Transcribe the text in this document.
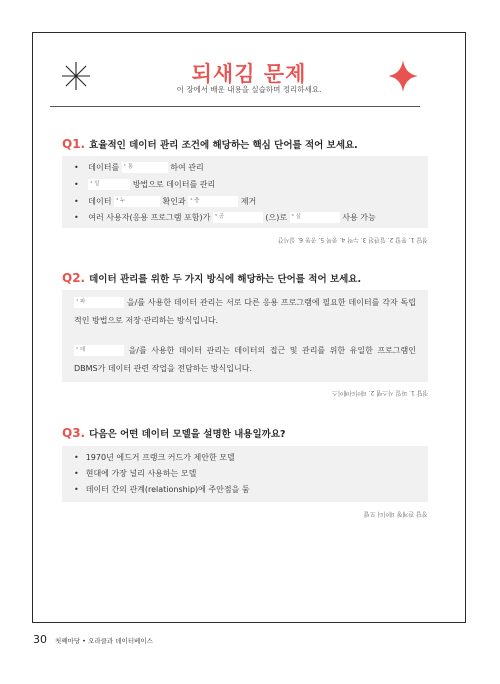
되새김 문제
이 장에서 배운 내용을 실습하며 정리하세요.
Q1. 효율적인 데이터 관리 조건에 해당하는 핵심 단어를 적어 보세요.
• 데이터를 ¹ 통	하여 관리
• ² 일	방법으로 데이터를 관리
• 데이터 ³ 누	확인과 ⁴ 충	제거
• 여러 사용자(응용 프로그램 포함)가 ⁵ 공	(으)로 ⁶ 실	사용 가능
정답 1. 통합 2. 일관된 3. 누락 4. 중복 5. 공동 6. 실시간
Q2. 데이터 관리를 위한 두 가지 방식에 해당하는 단어를 적어 보세요.
¹ 파	을/를 사용한 데이터 관리는 서로 다른 응용 프로그램에 필요한 데이터를 각자 독립적인 방법으로 저장·관리하는 방식입니다.
² 데	을/를 사용한 데이터 관리는 데이터의 접근 및 관리를 위한 유일한 프로그램인 DBMS가 데이터 관련 작업을 전담하는 방식입니다.
정답 1. 파일 시스템 2. 데이터베이스
Q3. 다음은 어떤 데이터 모델을 설명한 내용일까요?
• 1970년 에드거 프랭크 커드가 제안한 모델
• 현대에 가장 널리 사용하는 모델
• 데이터 간의 관계(relationship)에 주안점을 둠
정답 관계형 데이터 모델
30 첫째마당 • 오라클과 데이터베이스
